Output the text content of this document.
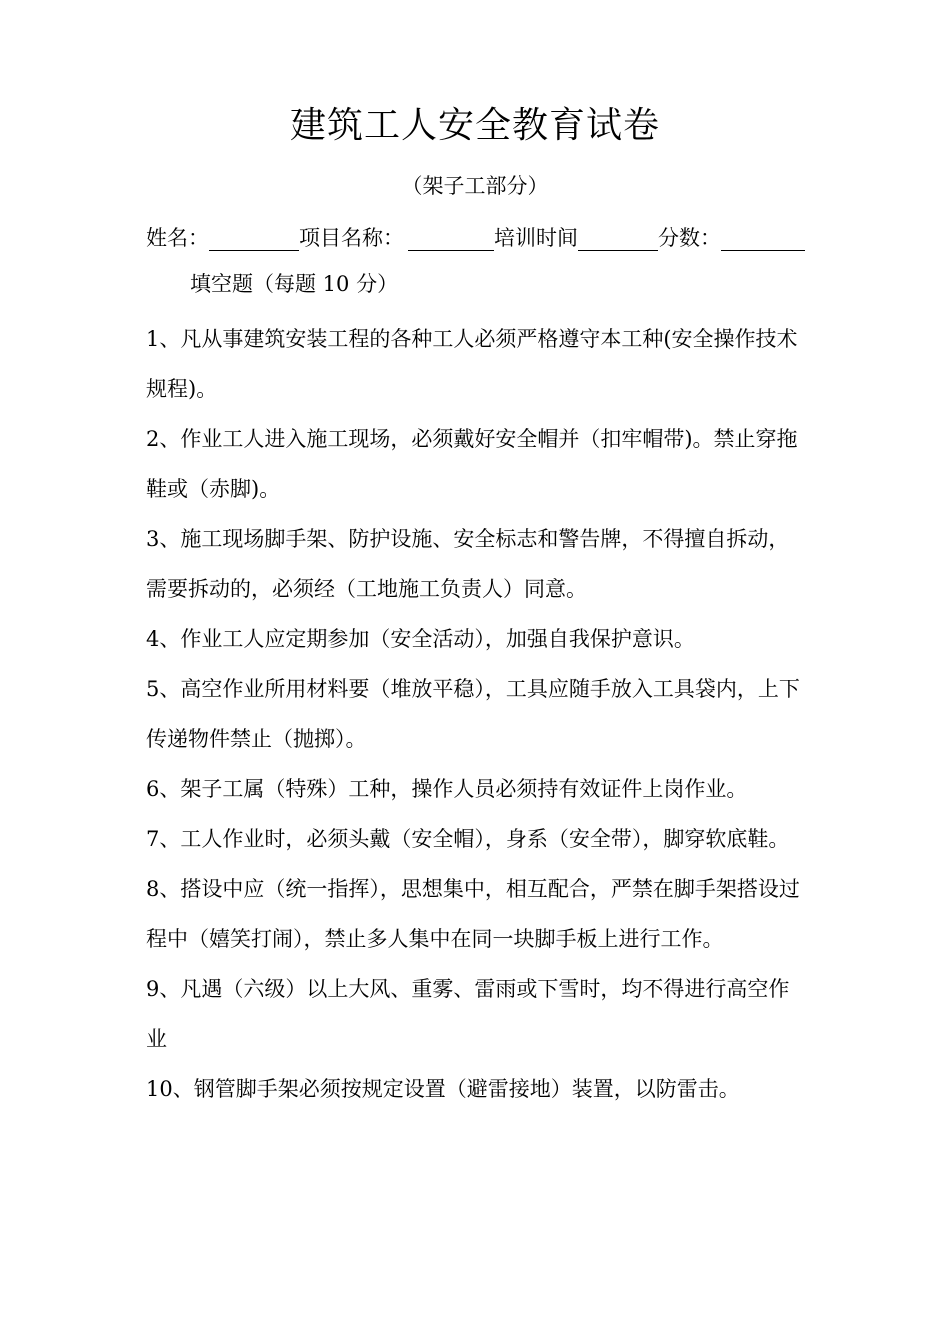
建筑工人安全教育试卷
（架子工部分）
姓名：	项目名称：	培训时间	分数：
填空题（每题 10 分）

1、凡从事建筑安装工程的各种工人必须严格遵守本工种(安全操作技术规程)。

2、作业工人进入施工现场，必须戴好安全帽并（扣牢帽带)。禁止穿拖鞋或（赤脚)。

3、施工现场脚手架、防护设施、安全标志和警告牌，不得擅自拆动，需要拆动的，必须经（工地施工负责人）同意。

4、作业工人应定期参加（安全活动），加强自我保护意识。

5、高空作业所用材料要（堆放平稳），工具应随手放入工具袋内，上下传递物件禁止（抛掷）。

6、架子工属（特殊）工种，操作人员必须持有效证件上岗作业。

7、工人作业时，必须头戴（安全帽），身系（安全带），脚穿软底鞋。

8、搭设中应（统一指挥），思想集中，相互配合，严禁在脚手架搭设过程中（嬉笑打闹），禁止多人集中在同一块脚手板上进行工作。

9、凡遇（六级）以上大风、重雾、雷雨或下雪时，均不得进行高空作业

10、钢管脚手架必须按规定设置（避雷接地）装置，以防雷击。
